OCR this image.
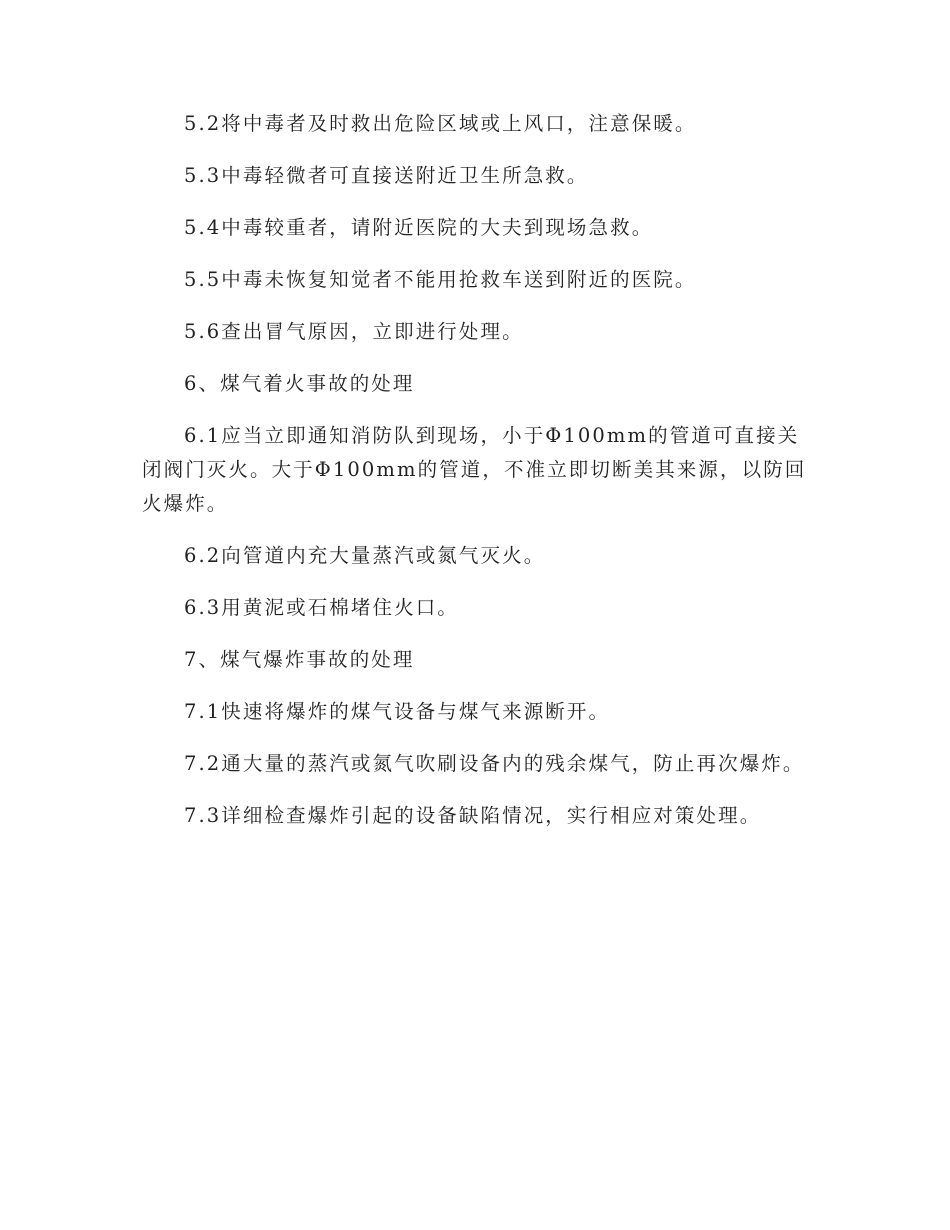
5.2将中毒者及时救出危险区域或上风口，注意保暖。

5.3中毒轻微者可直接送附近卫生所急救。

5.4中毒较重者，请附近医院的大夫到现场急救。

5.5中毒未恢复知觉者不能用抢救车送到附近的医院。

5.6查出冒气原因，立即进行处理。

6、煤气着火事故的处理

6.1应当立即通知消防队到现场，小于Φ100mm的管道可直接关闭阀门灭火。大于Φ100mm的管道，不准立即切断美其来源，以防回火爆炸。

6.2向管道内充大量蒸汽或氮气灭火。

6.3用黄泥或石棉堵住火口。

7、煤气爆炸事故的处理

7.1快速将爆炸的煤气设备与煤气来源断开。

7.2通大量的蒸汽或氮气吹刷设备内的残余煤气，防止再次爆炸。

7.3详细检查爆炸引起的设备缺陷情况，实行相应对策处理。
